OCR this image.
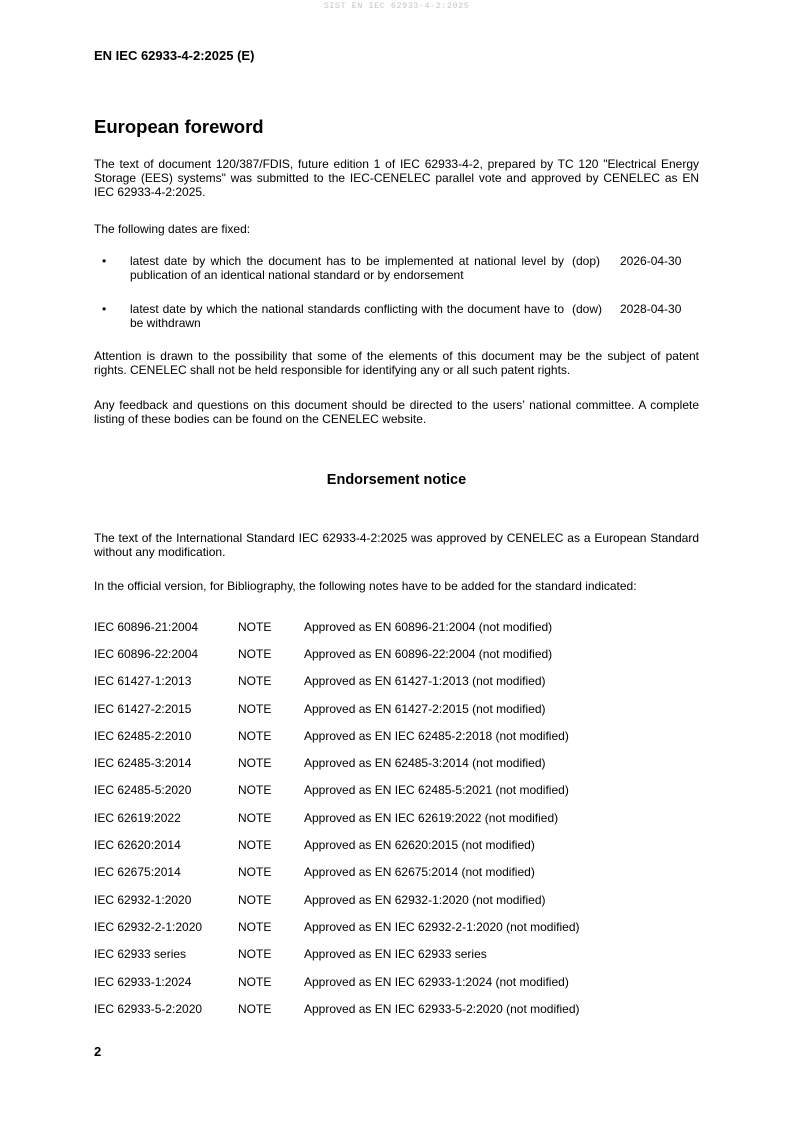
SIST EN IEC 62933-4-2:2025
EN IEC 62933-4-2:2025 (E)
European foreword
The text of document 120/387/FDIS, future edition 1 of IEC 62933-4-2, prepared by TC 120 "Electrical Energy Storage (EES) systems" was submitted to the IEC-CENELEC parallel vote and approved by CENELEC as EN IEC 62933-4-2:2025.
The following dates are fixed:
• latest date by which the document has to be implemented at national level by publication of an identical national standard or by endorsement
(dop)	2026-04-30
• latest date by which the national standards conflicting with the document have to be withdrawn
(dow)	2028-04-30
Attention is drawn to the possibility that some of the elements of this document may be the subject of patent rights. CENELEC shall not be held responsible for identifying any or all such patent rights.
Any feedback and questions on this document should be directed to the users’ national committee. A complete listing of these bodies can be found on the CENELEC website.
Endorsement notice
The text of the International Standard IEC 62933-4-2:2025 was approved by CENELEC as a European Standard without any modification.
In the official version, for Bibliography, the following notes have to be added for the standard indicated:
IEC 60896-21:2004	NOTE	Approved as EN 60896-21:2004 (not modified)
IEC 60896-22:2004	NOTE	Approved as EN 60896-22:2004 (not modified)
IEC 61427-1:2013	NOTE	Approved as EN 61427-1:2013 (not modified)
IEC 61427-2:2015	NOTE	Approved as EN 61427-2:2015 (not modified)
IEC 62485-2:2010	NOTE	Approved as EN IEC 62485-2:2018 (not modified)
IEC 62485-3:2014	NOTE	Approved as EN 62485-3:2014 (not modified)
IEC 62485-5:2020	NOTE	Approved as EN IEC 62485-5:2021 (not modified)
IEC 62619:2022	NOTE	Approved as EN IEC 62619:2022 (not modified)
IEC 62620:2014	NOTE	Approved as EN 62620:2015 (not modified)
IEC 62675:2014	NOTE	Approved as EN 62675:2014 (not modified)
IEC 62932-1:2020	NOTE	Approved as EN 62932-1:2020 (not modified)
IEC 62932-2-1:2020	NOTE	Approved as EN IEC 62932-2-1:2020 (not modified)
IEC 62933 series	NOTE	Approved as EN IEC 62933 series
IEC 62933-1:2024	NOTE	Approved as EN IEC 62933-1:2024 (not modified)
IEC 62933-5-2:2020	NOTE	Approved as EN IEC 62933-5-2:2020 (not modified)
2
